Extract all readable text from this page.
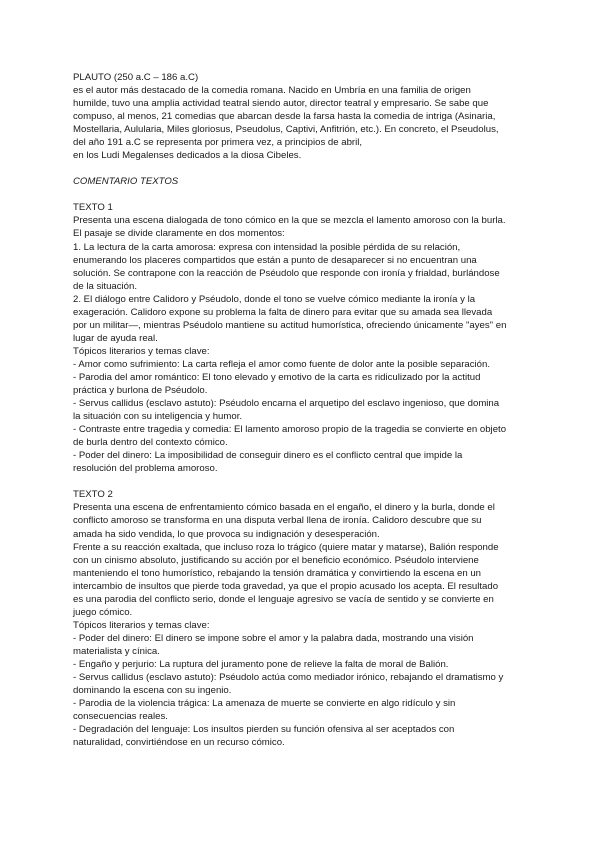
PLAUTO (250 a.C – 186 a.C)

es el autor más destacado de la comedia romana. Nacido en Umbría en una familia de origen

humilde, tuvo una amplia actividad teatral siendo autor, director teatral y empresario. Se sabe que

compuso, al menos, 21 comedias que abarcan desde la farsa hasta la comedia de intriga (Asinaria,

Mostellaria, Aulularia, Miles gloriosus, Pseudolus, Captivi, Anfitrión, etc.). En concreto, el Pseudolus,

del año 191 a.C se representa por primera vez, a principios de abril,

en los Ludi Megalenses dedicados a la diosa Cibeles.

COMENTARIO TEXTOS

TEXTO 1

Presenta una escena dialogada de tono cómico en la que se mezcla el lamento amoroso con la burla.

El pasaje se divide claramente en dos momentos:

1. La lectura de la carta amorosa: expresa con intensidad la posible pérdida de su relación,

enumerando los placeres compartidos que están a punto de desaparecer si no encuentran una

solución. Se contrapone con la reacción de Pséudolo que responde con ironía y frialdad, burlándose

de la situación.

2. El diálogo entre Calidoro y Pséudolo, donde el tono se vuelve cómico mediante la ironía y la

exageración. Calidoro expone su problema la falta de dinero para evitar que su amada sea llevada

por un militar—, mientras Pséudolo mantiene su actitud humorística, ofreciendo únicamente "ayes" en

lugar de ayuda real.

Tópicos literarios y temas clave:

- Amor como sufrimiento: La carta refleja el amor como fuente de dolor ante la posible separación.

- Parodia del amor romántico: El tono elevado y emotivo de la carta es ridiculizado por la actitud

práctica y burlona de Pséudolo.

- Servus callidus (esclavo astuto): Pséudolo encarna el arquetipo del esclavo ingenioso, que domina

la situación con su inteligencia y humor.

- Contraste entre tragedia y comedia: El lamento amoroso propio de la tragedia se convierte en objeto

de burla dentro del contexto cómico.

- Poder del dinero: La imposibilidad de conseguir dinero es el conflicto central que impide la

resolución del problema amoroso.

TEXTO 2

Presenta una escena de enfrentamiento cómico basada en el engaño, el dinero y la burla, donde el

conflicto amoroso se transforma en una disputa verbal llena de ironía. Calidoro descubre que su

amada ha sido vendida, lo que provoca su indignación y desesperación.

Frente a su reacción exaltada, que incluso roza lo trágico (quiere matar y matarse), Balión responde

con un cinismo absoluto, justificando su acción por el beneficio económico. Pséudolo interviene

manteniendo el tono humorístico, rebajando la tensión dramática y convirtiendo la escena en un

intercambio de insultos que pierde toda gravedad, ya que el propio acusado los acepta. El resultado

es una parodia del conflicto serio, donde el lenguaje agresivo se vacía de sentido y se convierte en

juego cómico.

Tópicos literarios y temas clave:

- Poder del dinero: El dinero se impone sobre el amor y la palabra dada, mostrando una visión

materialista y cínica.

- Engaño y perjurio: La ruptura del juramento pone de relieve la falta de moral de Balión.

- Servus callidus (esclavo astuto): Pséudolo actúa como mediador irónico, rebajando el dramatismo y

dominando la escena con su ingenio.

- Parodia de la violencia trágica: La amenaza de muerte se convierte en algo ridículo y sin

consecuencias reales.

- Degradación del lenguaje: Los insultos pierden su función ofensiva al ser aceptados con

naturalidad, convirtiéndose en un recurso cómico.
